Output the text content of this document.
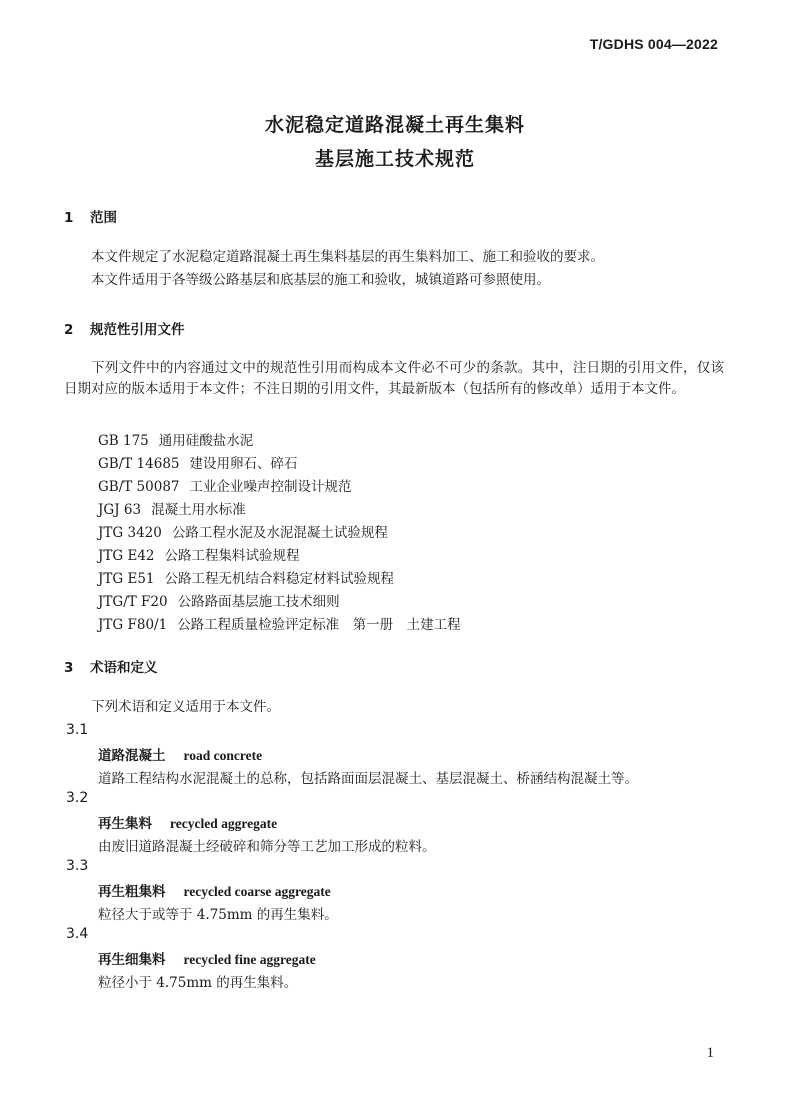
T/GDHS 004—2022
水泥稳定道路混凝土再生集料
基层施工技术规范
1 范围
本文件规定了水泥稳定道路混凝土再生集料基层的再生集料加工、施工和验收的要求。
本文件适用于各等级公路基层和底基层的施工和验收，城镇道路可参照使用。
2 规范性引用文件
下列文件中的内容通过文中的规范性引用而构成本文件必不可少的条款。其中，注日期的引用文件，仅该日期对应的版本适用于本文件；不注日期的引用文件，其最新版本（包括所有的修改单）适用于本文件。
GB 175 通用硅酸盐水泥
GB/T 14685 建设用卵石、碎石
GB/T 50087 工业企业噪声控制设计规范
JGJ 63 混凝土用水标准
JTG 3420 公路工程水泥及水泥混凝土试验规程
JTG E42 公路工程集料试验规程
JTG E51 公路工程无机结合料稳定材料试验规程
JTG/T F20 公路路面基层施工技术细则
JTG F80/1 公路工程质量检验评定标准　第一册　土建工程
3 术语和定义
下列术语和定义适用于本文件。
3.1
道路混凝土 road concrete
道路工程结构水泥混凝土的总称，包括路面面层混凝土、基层混凝土、桥涵结构混凝土等。
3.2
再生集料 recycled aggregate
由废旧道路混凝土经破碎和筛分等工艺加工形成的粒料。
3.3
再生粗集料 recycled coarse aggregate
粒径大于或等于 4.75mm 的再生集料。
3.4
再生细集料 recycled fine aggregate
粒径小于 4.75mm 的再生集料。
1
